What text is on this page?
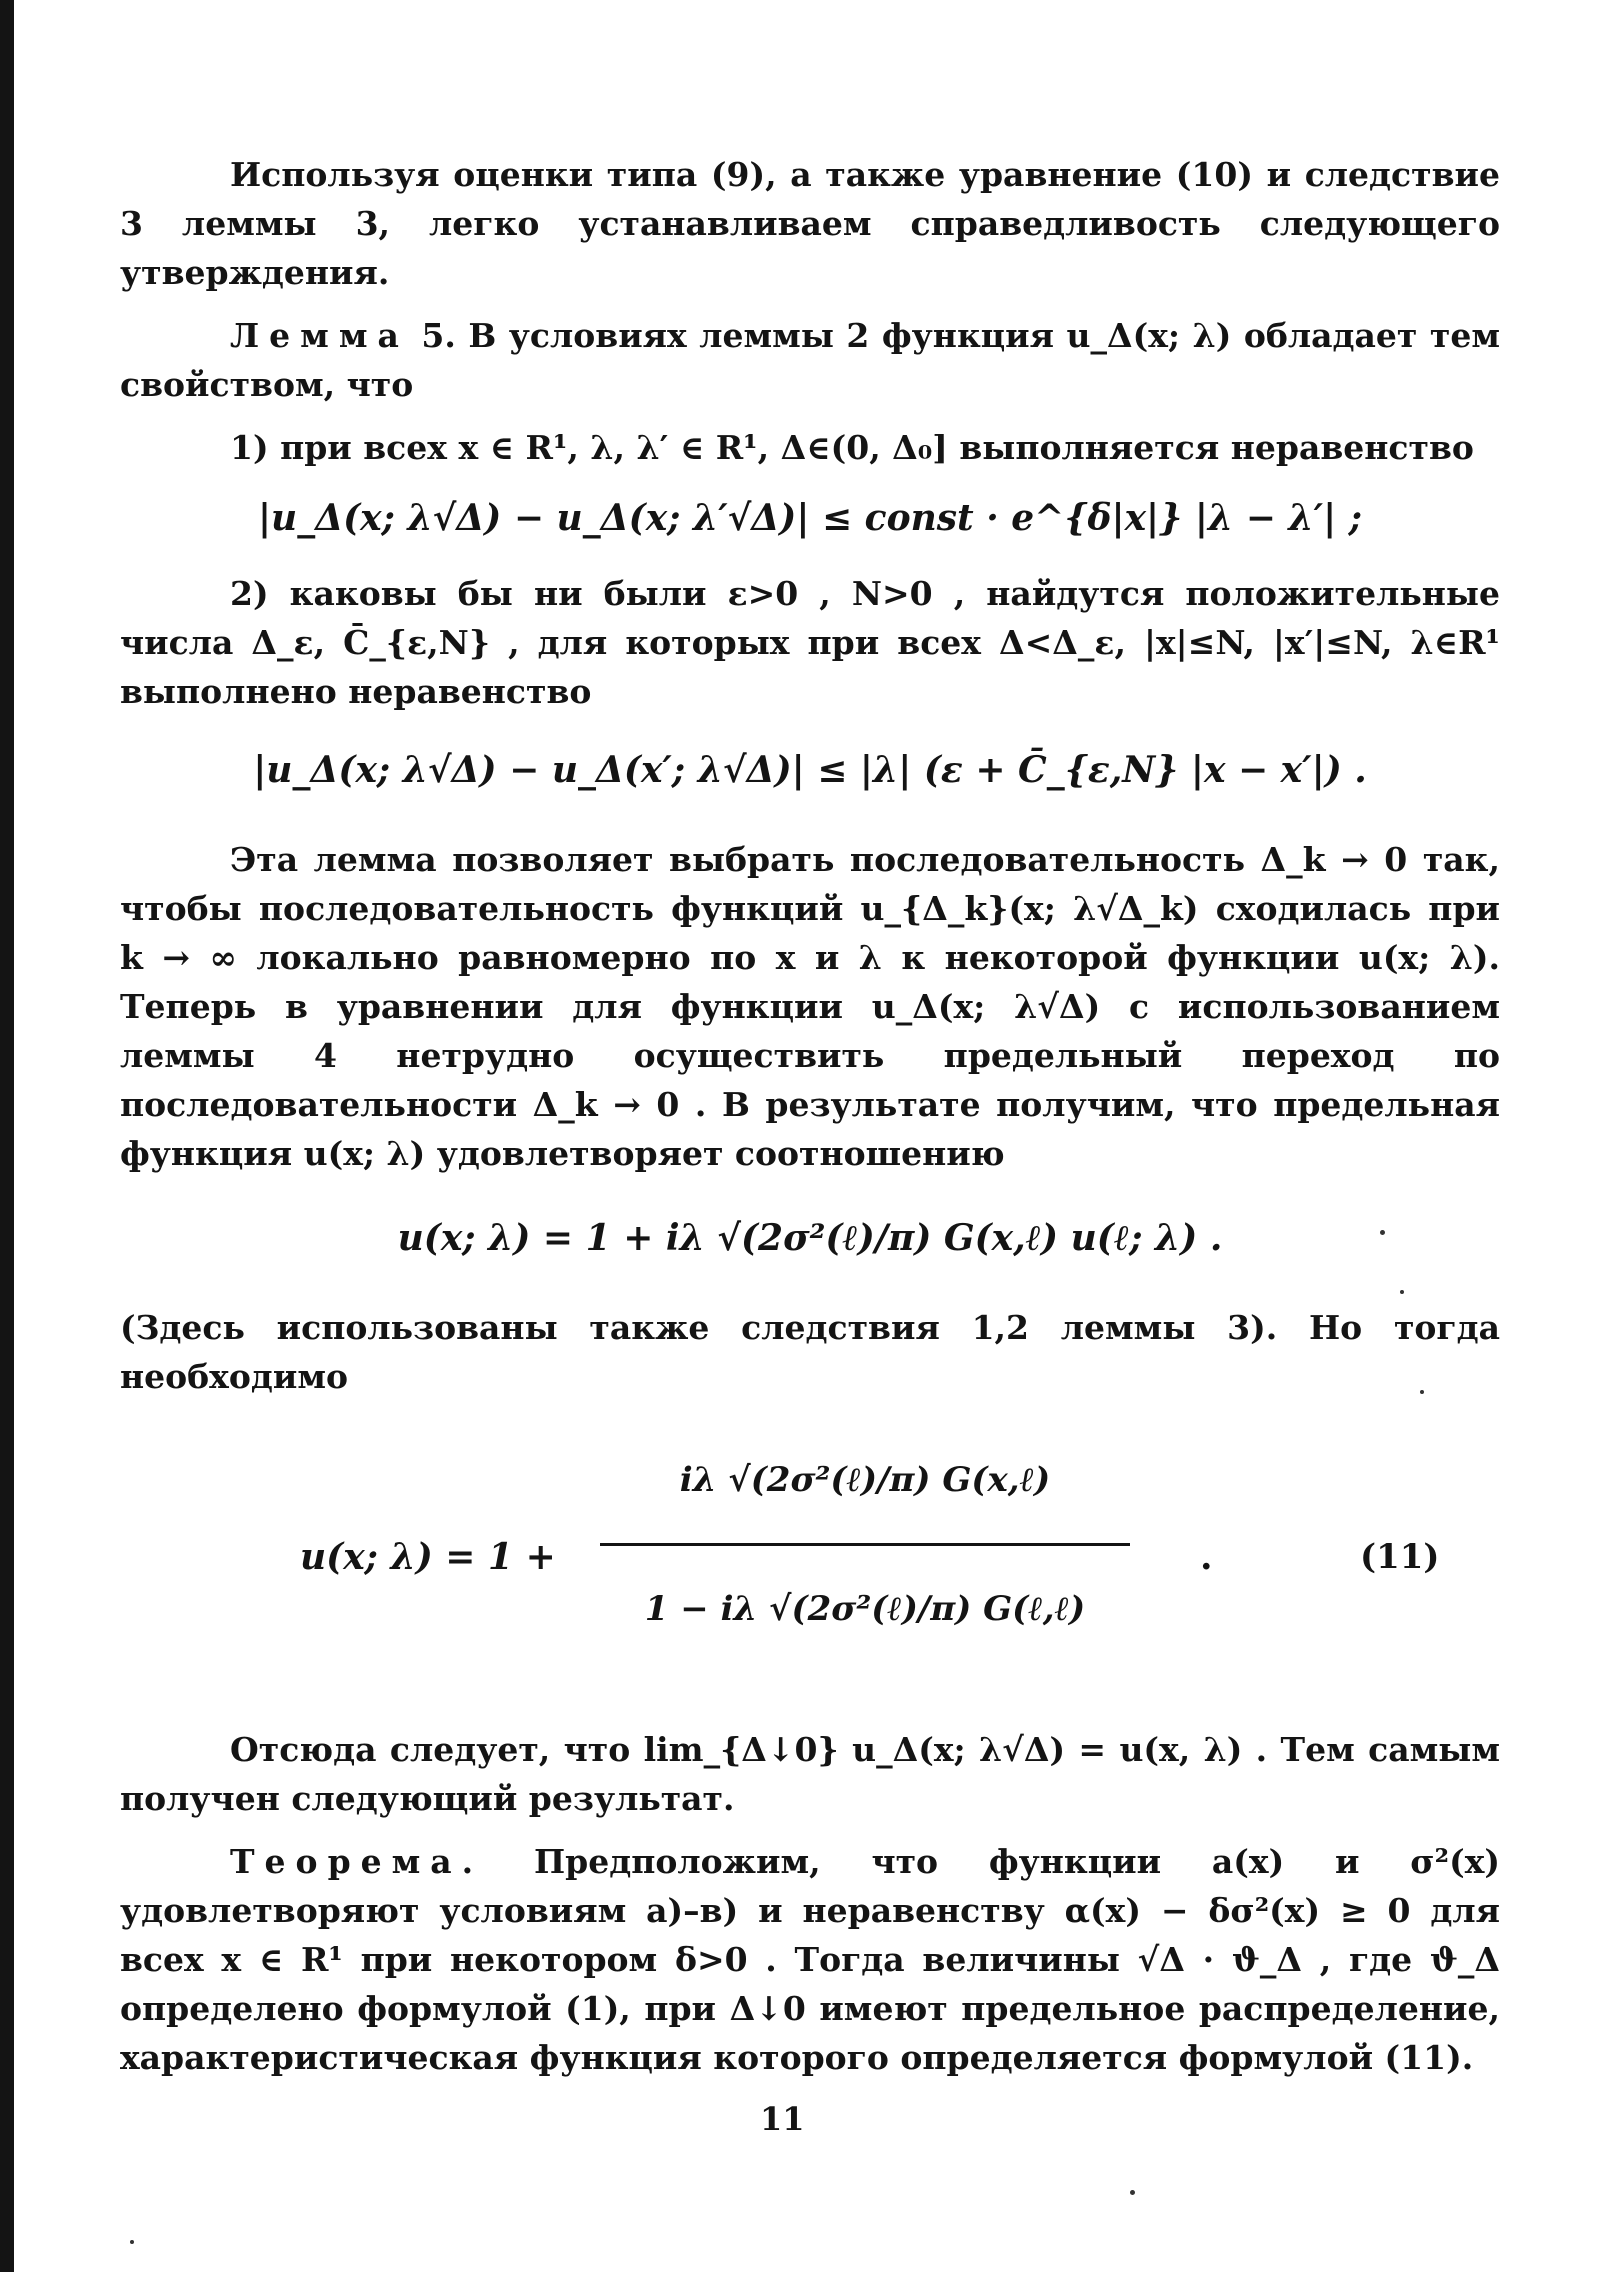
Используя оценки типа (9), а также уравнение (10) и следствие 3 леммы 3, легко устанавливаем справедливость следующего утверждения.

Лемма 5. В условиях леммы 2 функция u_Δ(x; λ) обладает тем свойством, что

1) при всех x ∈ R¹, λ, λ′ ∈ R¹, Δ∈(0, Δ₀] выполняется неравенство

|u_Δ(x; λ√Δ) − u_Δ(x; λ′√Δ)| ≤ const · e^{δ|x|} |λ − λ′| ;

2) каковы бы ни были ε>0 , N>0 , найдутся положительные числа Δ_ε, C̄_{ε,N} , для которых при всех Δ<Δ_ε, |x|≤N, |x′|≤N, λ∈R¹ выполнено неравенство

|u_Δ(x; λ√Δ) − u_Δ(x′; λ√Δ)| ≤ |λ| (ε + C̄_{ε,N} |x − x′|) .

Эта лемма позволяет выбрать последовательность Δ_k → 0 так, чтобы последовательность функций u_{Δ_k}(x; λ√Δ_k) сходилась при k → ∞ локально равномерно по x и λ к некоторой функции u(x; λ). Теперь в уравнении для функции u_Δ(x; λ√Δ) с использованием леммы 4 нетрудно осуществить предельный переход по последовательности Δ_k → 0 . В результате получим, что предельная функция u(x; λ) удовлетворяет соотношению

u(x; λ) = 1 + iλ √(2σ²(ℓ)/π) G(x,ℓ) u(ℓ; λ) .

(Здесь использованы также следствия 1,2 леммы 3). Но тогда необходимо

u(x; λ) = 1 +
iλ √(2σ²(ℓ)/π) G(x,ℓ)
1 − iλ √(2σ²(ℓ)/π) G(ℓ,ℓ)
.	(11)

Отсюда следует, что lim_{Δ↓0} u_Δ(x; λ√Δ) = u(x, λ) . Тем самым получен следующий результат.

Теорема. Предположим, что функции a(x) и σ²(x) удовлетворяют условиям а)–в) и неравенству α(x) − δσ²(x) ≥ 0 для всех x ∈ R¹ при некотором δ>0 . Тогда величины √Δ · ϑ_Δ , где ϑ_Δ определено формулой (1), при Δ↓0 имеют предельное распределение, характеристическая функция которого определяется формулой (11).

11
